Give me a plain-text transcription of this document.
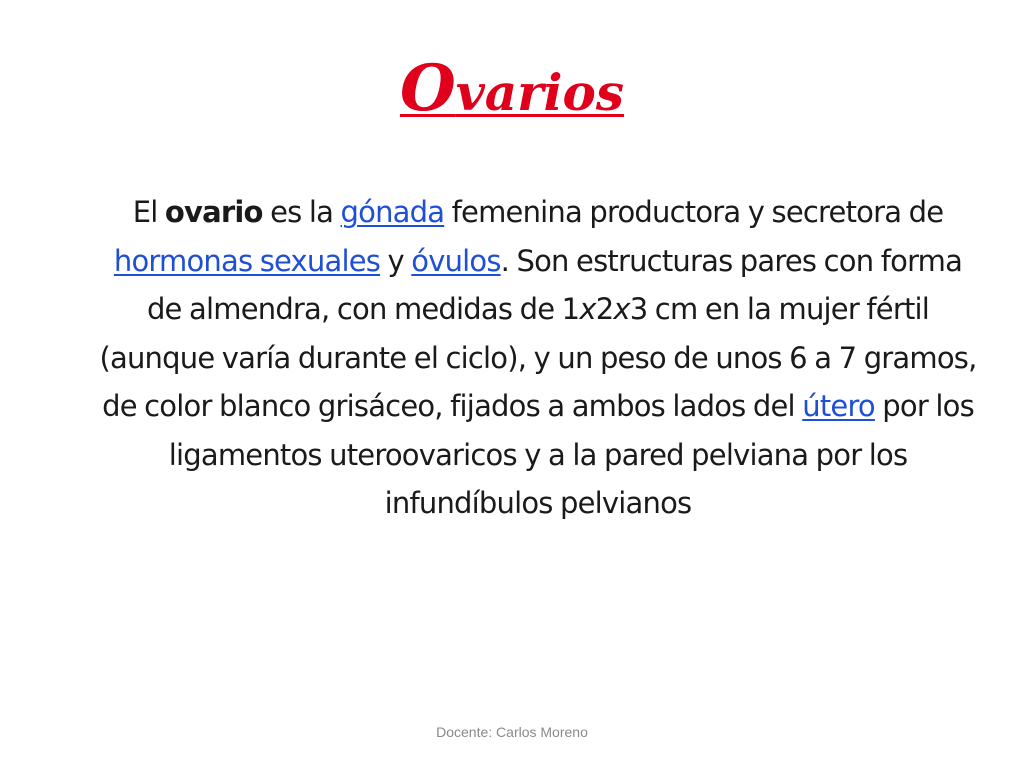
Ovarios
El ovario es la gónada femenina productora y secretora de hormonas sexuales y óvulos. Son estructuras pares con forma de almendra, con medidas de 1x2x3 cm en la mujer fértil (aunque varía durante el ciclo), y un peso de unos 6 a 7 gramos, de color blanco grisáceo, fijados a ambos lados del útero por los ligamentos uteroovaricos y a la pared pelviana por los infundíbulos pelvianos
Docente: Carlos Moreno
